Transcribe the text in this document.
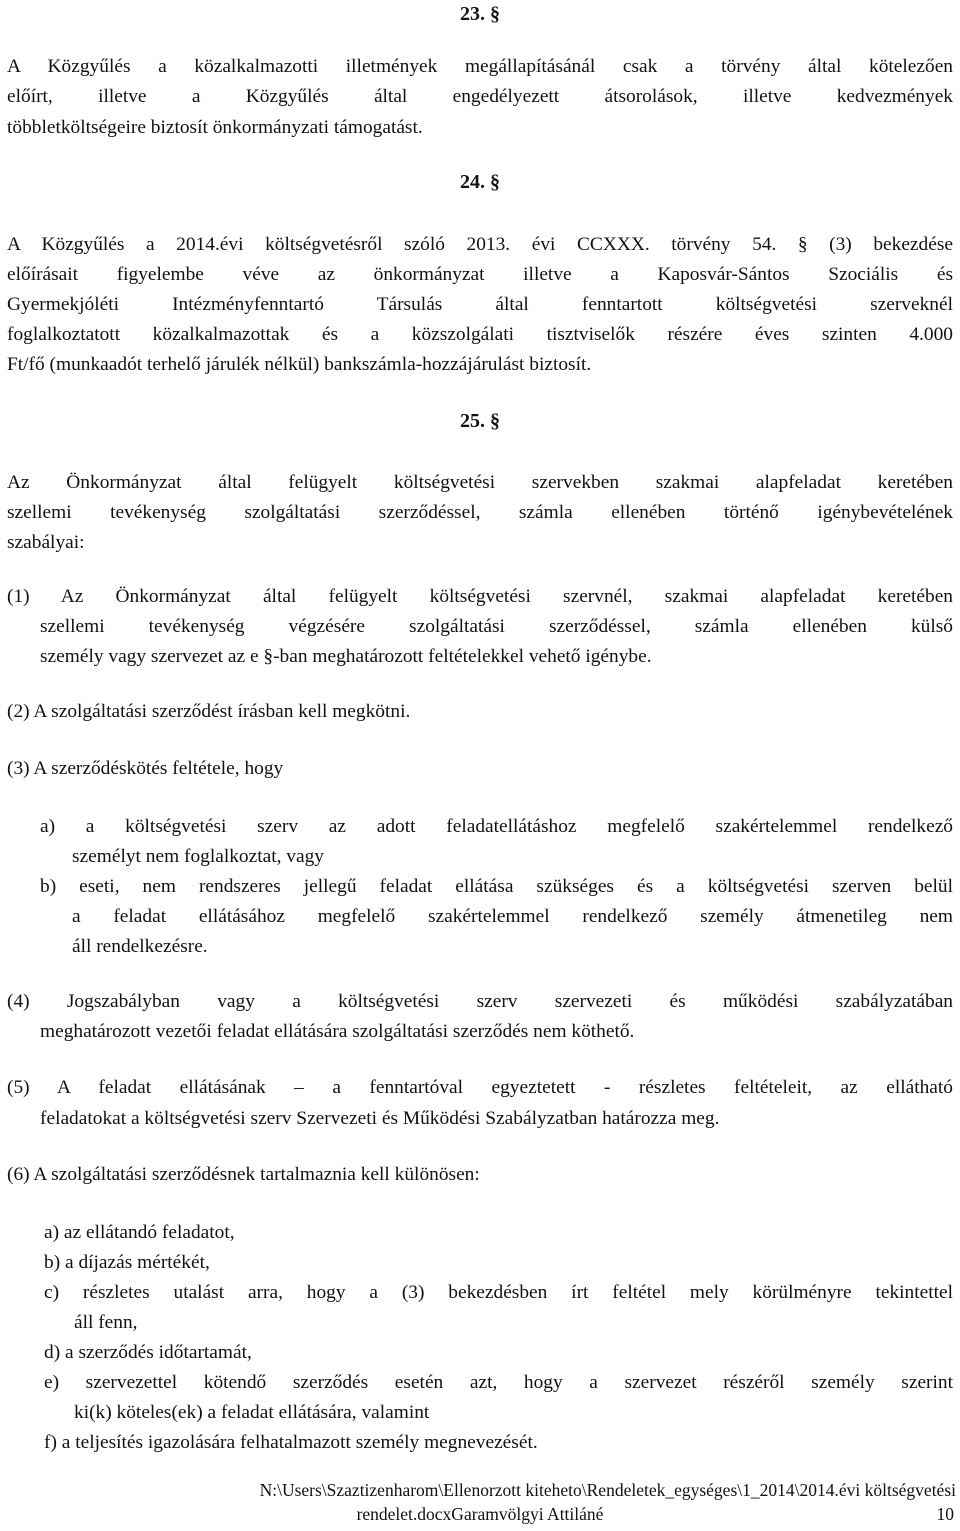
23. §
A Közgyűlés a közalkalmazotti illetmények megállapításánál csak a törvény által kötelezően
előírt, illetve a Közgyűlés által engedélyezett átsorolások, illetve kedvezmények
többletköltségeire biztosít önkormányzati támogatást.
24. §
A Közgyűlés a 2014.évi költségvetésről szóló 2013. évi CCXXX. törvény 54. § (3) bekezdése
előírásait figyelembe véve az önkormányzat illetve a Kaposvár-Sántos Szociális és
Gyermekjóléti Intézményfenntartó Társulás által fenntartott költségvetési szerveknél
foglalkoztatott közalkalmazottak és a közszolgálati tisztviselők részére éves szinten 4.000
Ft/fő (munkaadót terhelő járulék nélkül) bankszámla-hozzájárulást biztosít.
25. §
Az Önkormányzat által felügyelt költségvetési szervekben szakmai alapfeladat keretében
szellemi tevékenység szolgáltatási szerződéssel, számla ellenében történő igénybevételének
szabályai:
(1) Az Önkormányzat által felügyelt költségvetési szervnél, szakmai alapfeladat keretében
szellemi tevékenység végzésére szolgáltatási szerződéssel, számla ellenében külső
személy vagy szervezet az e §-ban meghatározott feltételekkel vehető igénybe.
(2) A szolgáltatási szerződést írásban kell megkötni.
(3) A szerződéskötés feltétele, hogy
a) a költségvetési szerv az adott feladatellátáshoz megfelelő szakértelemmel rendelkező
személyt nem foglalkoztat, vagy
b) eseti, nem rendszeres jellegű feladat ellátása szükséges és a költségvetési szerven belül
a feladat ellátásához megfelelő szakértelemmel rendelkező személy átmenetileg nem
áll rendelkezésre.
(4) Jogszabályban vagy a költségvetési szerv szervezeti és működési szabályzatában
meghatározott vezetői feladat ellátására szolgáltatási szerződés nem köthető.
(5) A feladat ellátásának – a fenntartóval egyeztetett - részletes feltételeit, az ellátható
feladatokat a költségvetési szerv Szervezeti és Működési Szabályzatban határozza meg.
(6) A szolgáltatási szerződésnek tartalmaznia kell különösen:
a) az ellátandó feladatot,
b) a díjazás mértékét,
c) részletes utalást arra, hogy a (3) bekezdésben írt feltétel mely körülményre tekintettel
áll fenn,
d) a szerződés időtartamát,
e) szervezettel kötendő szerződés esetén azt, hogy a szervezet részéről személy szerint
ki(k) köteles(ek) a feladat ellátására, valamint
f) a teljesítés igazolására felhatalmazott személy megnevezését.
N:\Users\Szaztizenharom\Ellenorzott kiteheto\Rendeletek_egységes\1_2014\2014.évi költségvetési
rendelet.docxGaramvölgyi Attiláné	10
